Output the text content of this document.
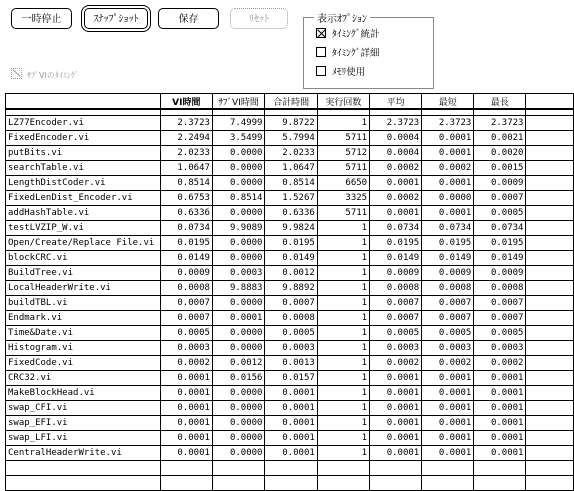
一時停止	ｽﾅｯﾌﾟｼｮｯﾄ	保存	ﾘｾｯﾄ	表示ｵﾌﾟｼｮﾝ
ﾀｲﾐﾝｸﾞ統計
ﾀｲﾐﾝｸﾞ詳細
ﾒﾓﾘ使用
ｻﾌﾞVIのﾀｲﾐﾝｸﾞ
	VI時間	ｻﾌﾞVI時間	合計時間	実行回数	平均	最短	最長	

LZ77Encoder.vi	2.3723	7.4999	9.8722	1	2.3723	2.3723	2.3723	
FixedEncoder.vi	2.2494	3.5499	5.7994	5711	0.0004	0.0001	0.0021	
putBits.vi	2.0233	0.0000	2.0233	5712	0.0004	0.0001	0.0020	
searchTable.vi	1.0647	0.0000	1.0647	5711	0.0002	0.0002	0.0015	
LengthDistCoder.vi	0.8514	0.0000	0.8514	6650	0.0001	0.0001	0.0009	
FixedLenDist_Encoder.vi	0.6753	0.8514	1.5267	3325	0.0002	0.0000	0.0007	
addHashTable.vi	0.6336	0.0000	0.6336	5711	0.0001	0.0001	0.0005	
testLVZIP_W.vi	0.0734	9.9089	9.9824	1	0.0734	0.0734	0.0734	
Open/Create/Replace File.vi	0.0195	0.0000	0.0195	1	0.0195	0.0195	0.0195	
blockCRC.vi	0.0149	0.0000	0.0149	1	0.0149	0.0149	0.0149	
BuildTree.vi	0.0009	0.0003	0.0012	1	0.0009	0.0009	0.0009	
LocalHeaderWrite.vi	0.0008	9.8883	9.8892	1	0.0008	0.0008	0.0008	
buildTBL.vi	0.0007	0.0000	0.0007	1	0.0007	0.0007	0.0007	
Endmark.vi	0.0007	0.0001	0.0008	1	0.0007	0.0007	0.0007	
Time&Date.vi	0.0005	0.0000	0.0005	1	0.0005	0.0005	0.0005	
Histogram.vi	0.0003	0.0000	0.0003	1	0.0003	0.0003	0.0003	
FixedCode.vi	0.0002	0.0012	0.0013	1	0.0002	0.0002	0.0002	
CRC32.vi	0.0001	0.0156	0.0157	1	0.0001	0.0001	0.0001	
MakeBlockHead.vi	0.0001	0.0000	0.0001	1	0.0001	0.0001	0.0001	
swap_CFI.vi	0.0001	0.0000	0.0001	1	0.0001	0.0001	0.0001	
swap_EFI.vi	0.0001	0.0000	0.0001	1	0.0001	0.0001	0.0001	
swap_LFI.vi	0.0001	0.0000	0.0001	1	0.0001	0.0001	0.0001	
CentralHeaderWrite.vi	0.0001	0.0000	0.0001	1	0.0001	0.0001	0.0001	
